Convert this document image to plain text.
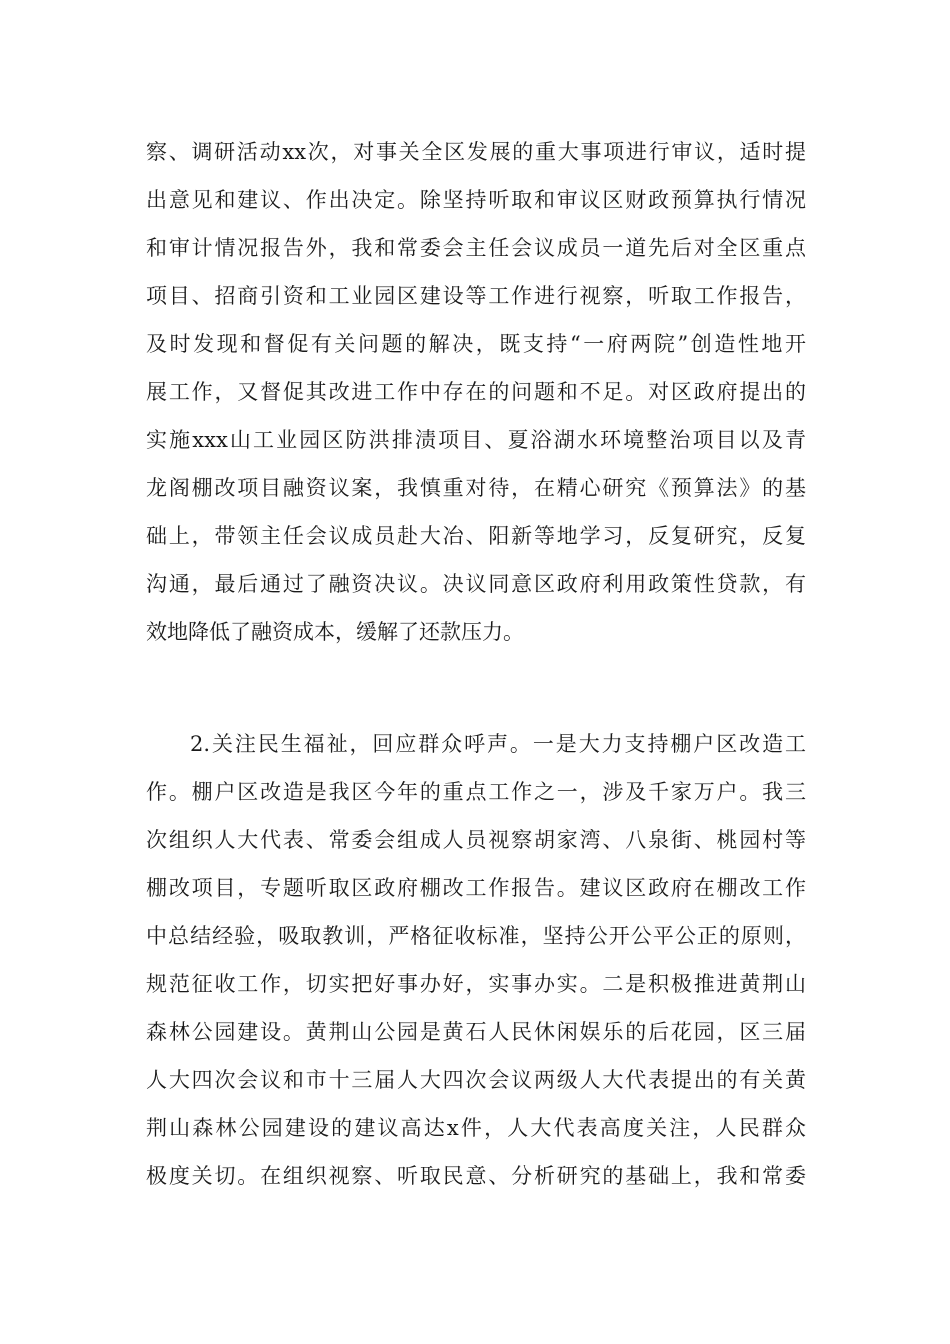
察、调研活动xx次，对事关全区发展的重大事项进行审议，适时提
出意见和建议、作出决定。除坚持听取和审议区财政预算执行情况
和审计情况报告外，我和常委会主任会议成员一道先后对全区重点
项目、招商引资和工业园区建设等工作进行视察，听取工作报告，
及时发现和督促有关问题的解决，既支持“一府两院”创造性地开
展工作，又督促其改进工作中存在的问题和不足。对区政府提出的
实施xxx山工业园区防洪排渍项目、夏浴湖水环境整治项目以及青
龙阁棚改项目融资议案，我慎重对待，在精心研究《预算法》的基
础上，带领主任会议成员赴大冶、阳新等地学习，反复研究，反复
沟通，最后通过了融资决议。决议同意区政府利用政策性贷款，有
效地降低了融资成本，缓解了还款压力。
2.关注民生福祉，回应群众呼声。一是大力支持棚户区改造工
作。棚户区改造是我区今年的重点工作之一，涉及千家万户。我三
次组织人大代表、常委会组成人员视察胡家湾、八泉街、桃园村等
棚改项目，专题听取区政府棚改工作报告。建议区政府在棚改工作
中总结经验，吸取教训，严格征收标准，坚持公开公平公正的原则，
规范征收工作，切实把好事办好，实事办实。二是积极推进黄荆山
森林公园建设。黄荆山公园是黄石人民休闲娱乐的后花园，区三届
人大四次会议和市十三届人大四次会议两级人大代表提出的有关黄
荆山森林公园建设的建议高达x件，人大代表高度关注，人民群众
极度关切。在组织视察、听取民意、分析研究的基础上，我和常委
